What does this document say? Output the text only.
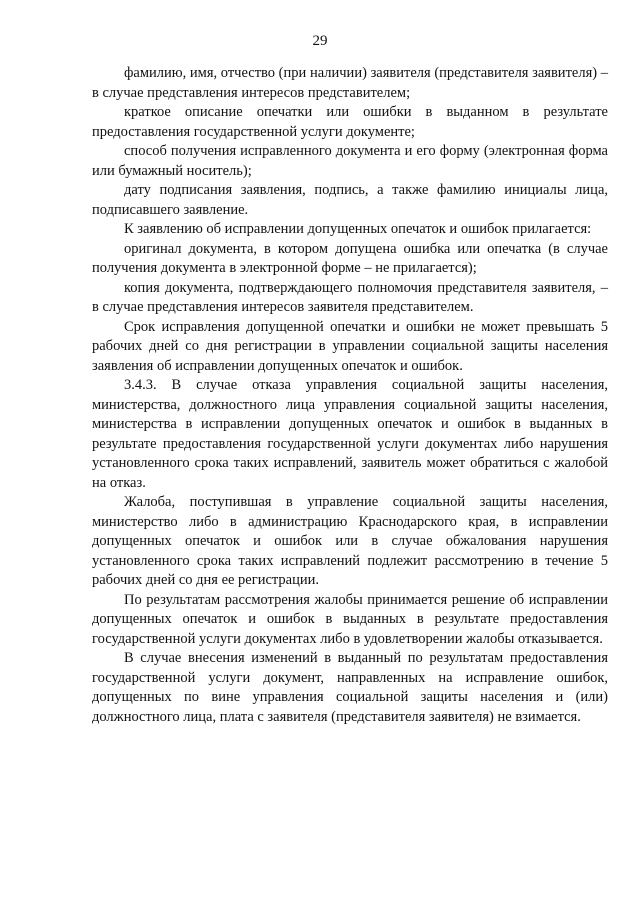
29

фамилию, имя, отчество (при наличии) заявителя (представителя заявителя) – в случае представления интересов представителем;

краткое описание опечатки или ошибки в выданном в результате предоставления государственной услуги документе;

способ получения исправленного документа и его форму (электронная форма или бумажный носитель);

дату подписания заявления, подпись, а также фамилию инициалы лица, подписавшего заявление.

К заявлению об исправлении допущенных опечаток и ошибок прилагается:

оригинал документа, в котором допущена ошибка или опечатка (в случае получения документа в электронной форме – не прилагается);

копия документа, подтверждающего полномочия представителя заявителя, – в случае представления интересов заявителя представителем.

Срок исправления допущенной опечатки и ошибки не может превышать 5 рабочих дней со дня регистрации в управлении социальной защиты населения заявления об исправлении допущенных опечаток и ошибок.

3.4.3. В случае отказа управления социальной защиты населения, министерства, должностного лица управления социальной защиты населения, министерства в исправлении допущенных опечаток и ошибок в выданных в результате предоставления государственной услуги документах либо нарушения установленного срока таких исправлений, заявитель может обратиться с жалобой на отказ.

Жалоба, поступившая в управление социальной защиты населения, министерство либо в администрацию Краснодарского края, в исправлении допущенных опечаток и ошибок или в случае обжалования нарушения установленного срока таких исправлений подлежит рассмотрению в течение 5 рабочих дней со дня ее регистрации.

По результатам рассмотрения жалобы принимается решение об исправлении допущенных опечаток и ошибок в выданных в результате предоставления государственной услуги документах либо в удовлетворении жалобы отказывается.

В случае внесения изменений в выданный по результатам предоставления государственной услуги документ, направленных на исправление ошибок, допущенных по вине управления социальной защиты населения и (или) должностного лица, плата с заявителя (представителя заявителя) не взимается.
